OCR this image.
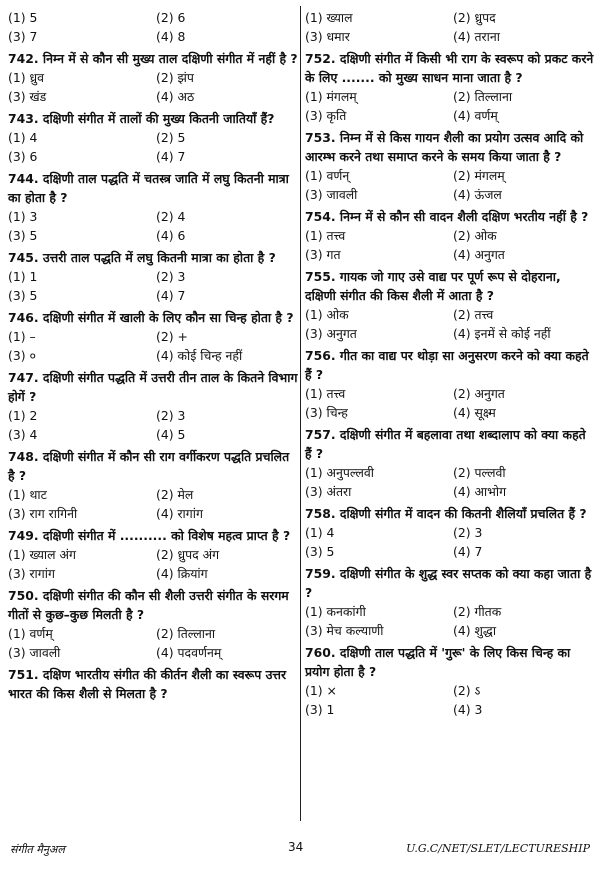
(1) 5	(2) 6
(3) 7	(4) 8
742. निम्न में से कौन सी मुख्य ताल दक्षिणी संगीत में नहीं है ?
(1) ध्रुव	(2) झंप
(3) खंड	(4) अठ
743. दक्षिणी संगीत में तालों की मुख्य कितनी जातियाँ हैं?
(1) 4	(2) 5
(3) 6	(4) 7
744. दक्षिणी ताल पद्धति में चतस्त्र जाति में लघु कितनी मात्रा का होता है ?
(1) 3	(2) 4
(3) 5	(4) 6
745. उत्तरी ताल पद्धति में लघु कितनी मात्रा का होता है ?
(1) 1	(2) 3
(3) 5	(4) 7
746. दक्षिणी संगीत में खाली के लिए कौन सा चिन्ह होता है ?
(1) –	(2) +
(3) ०	(4) कोई चिन्ह नहीं
747. दक्षिणी संगीत पद्धति में उत्तरी तीन ताल के कितने विभाग होगें ?
(1) 2	(2) 3
(3) 4	(4) 5
748. दक्षिणी संगीत में कौन सी राग वर्गीकरण पद्धति प्रचलित है ?
(1) थाट	(2) मेल
(3) राग रागिनी	(4) रागांग
749. दक्षिणी संगीत में .......... को विशेष महत्व प्राप्त है ?
(1) ख्याल अंग	(2) ध्रुपद अंग
(3) रागांग	(4) क्रियांग
750. दक्षिणी संगीत की कौन सी शैली उत्तरी संगीत के सरगम गीतों से कुछ–कुछ मिलती है ?
(1) वर्णम्	(2) तिल्लाना
(3) जावली	(4) पदवर्णनम्
751. दक्षिण भारतीय संगीत की कीर्तन शैली का स्वरूप उत्तर भारत की किस शैली से मिलता है ?
(1) ख्याल	(2) ध्रुपद
(3) धमार	(4) तराना
752. दक्षिणी संगीत में किसी भी राग के स्वरूप को प्रकट करने के लिए ....... को मुख्य साधन माना जाता है ?
(1) मंगलम्	(2) तिल्लाना
(3) कृति	(4) वर्णम्
753. निम्न में से किस गायन शैली का प्रयोग उत्सव आदि को आरम्भ करने तथा समाप्त करने के समय किया जाता है ?
(1) वर्णन्	(2) मंगलम्
(3) जावली	(4) ऊंजल
754. निम्न में से कौन सी वादन शैली दक्षिण भरतीय नहीं है ?
(1) तत्त्व	(2) ओक
(3) गत	(4) अनुगत
755. गायक जो गाए उसे वाद्य पर पूर्ण रूप से दोहराना, दक्षिणी संगीत की किस शैली में आता है ?
(1) ओक	(2) तत्त्व
(3) अनुगत	(4) इनमें से कोई नहीं
756. गीत का वाद्य पर थोड़ा सा अनुसरण करने को क्या कहते हैं ?
(1) तत्त्व	(2) अनुगत
(3) चिन्ह	(4) सूक्ष्म
757. दक्षिणी संगीत में बहलावा तथा शब्दालाप को क्या कहते हैं ?
(1) अनुपल्लवी	(2) पल्लवी
(3) अंतरा	(4) आभोग
758. दक्षिणी संगीत में वादन की कितनी शैलियाँ प्रचलित हैं ?
(1) 4	(2) 3
(3) 5	(4) 7
759. दक्षिणी संगीत के शुद्ध स्वर सप्तक को क्या कहा जाता है ?
(1) कनकांगी	(2) गीतक
(3) मेच कल्याणी	(4) शुद्धा
760. दक्षिणी ताल पद्धति में 'गुरू' के लिए किस चिन्ह का प्रयोग होता है ?
(1) ×	(2) ऽ
(3) 1	(4) 3
संगीत मैनुअल	34	U.G.C/NET/SLET/LECTURESHIP
